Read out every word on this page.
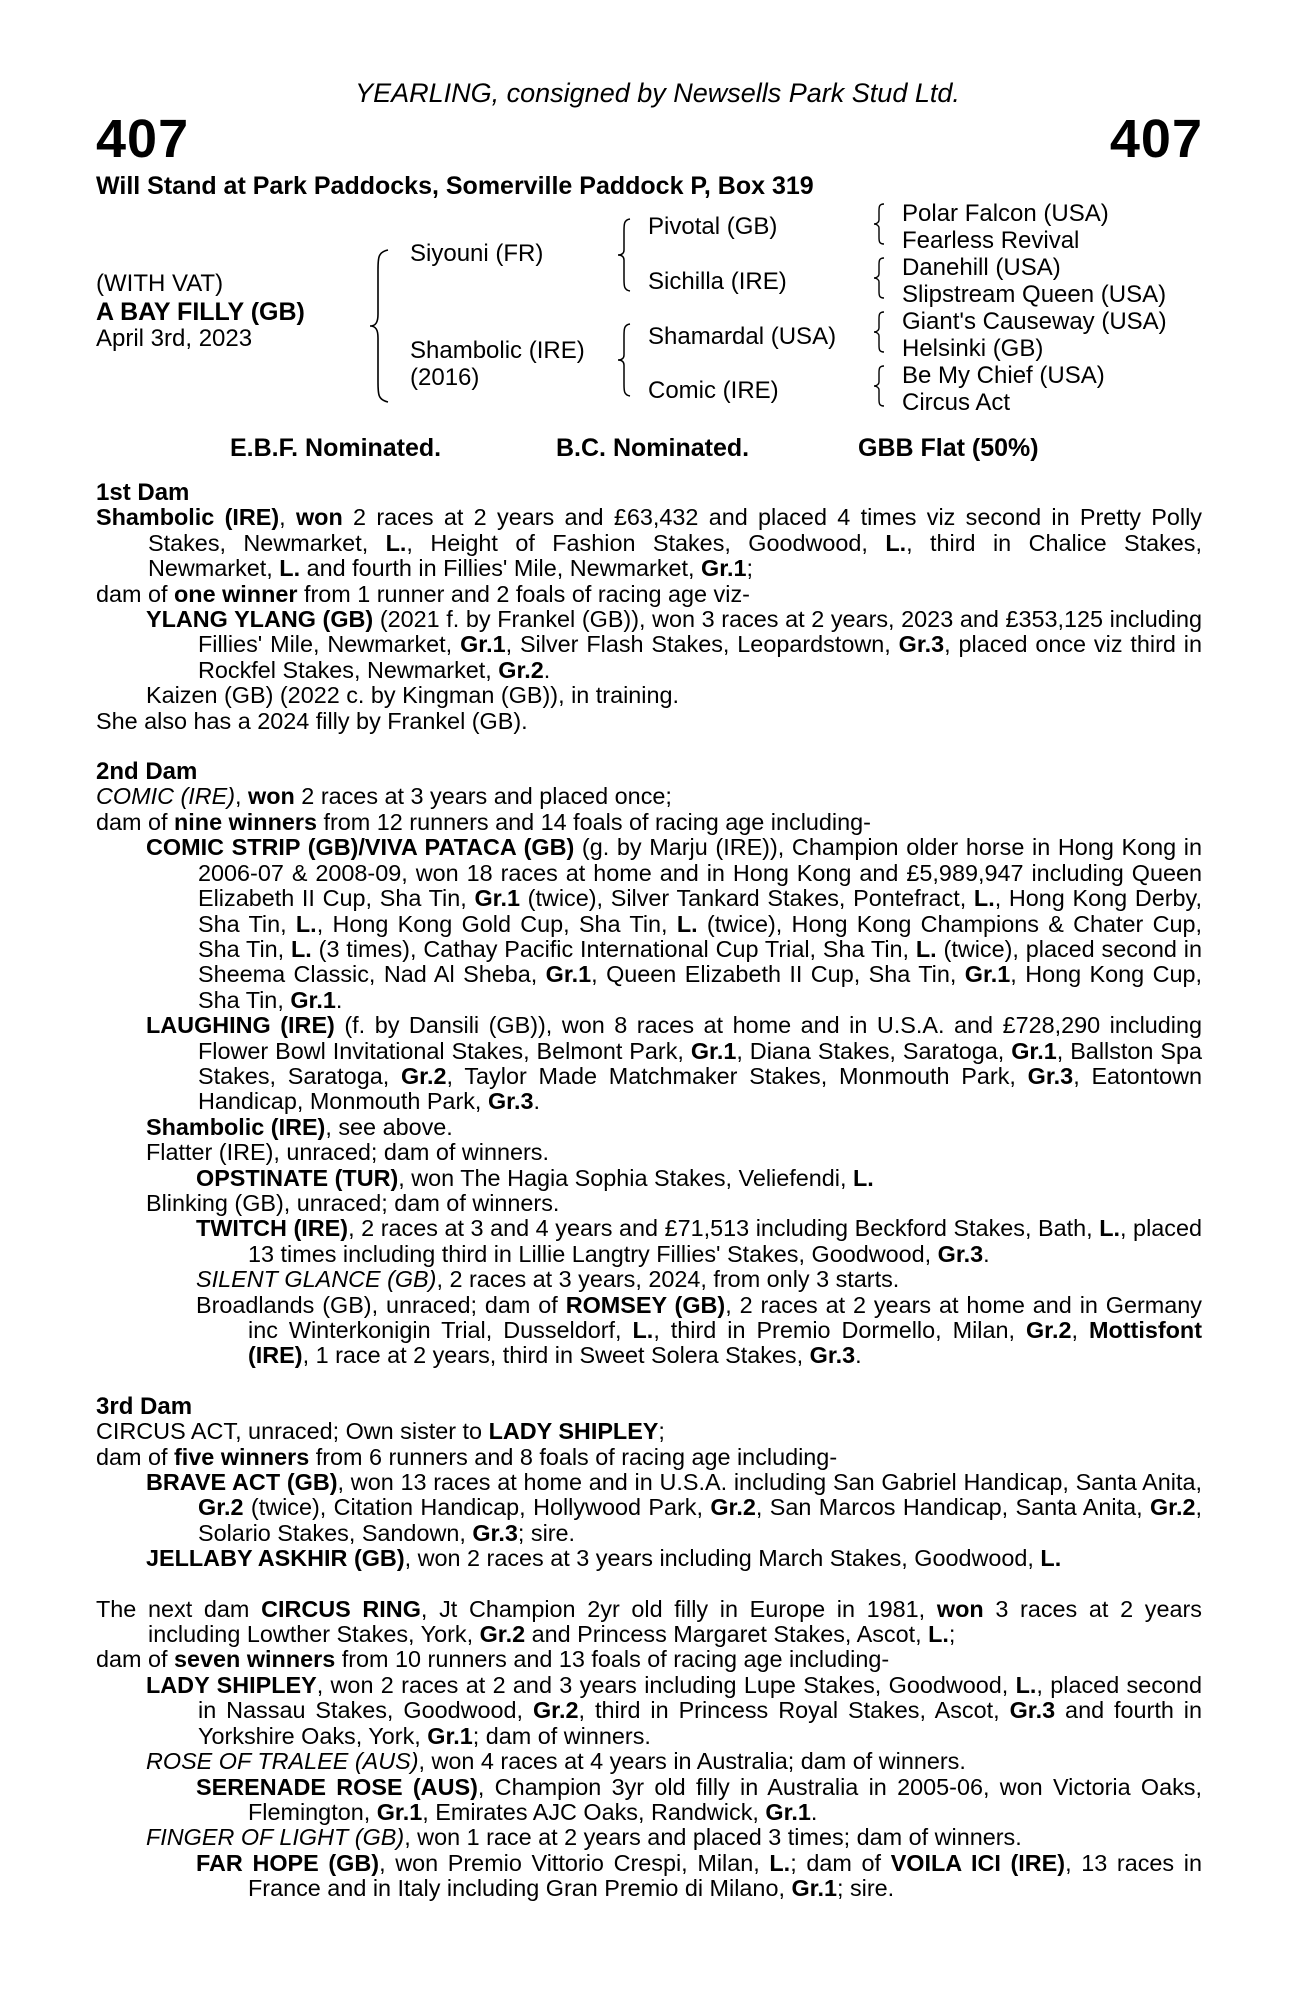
YEARLING, consigned by Newsells Park Stud Ltd.
407	407
Will Stand at Park Paddocks, Somerville Paddock P, Box 319
(WITH VAT)
A BAY FILLY (GB)
April 3rd, 2023
Siyouni (FR)
Shambolic (IRE)
(2016)
Pivotal (GB)
Sichilla (IRE)
Shamardal (USA)
Comic (IRE)
Polar Falcon (USA)
Fearless Revival
Danehill (USA)
Slipstream Queen (USA)
Giant's Causeway (USA)
Helsinki (GB)
Be My Chief (USA)
Circus Act
E.B.F. Nominated.	B.C. Nominated.	GBB Flat (50%)

1st Dam

Shambolic (IRE), won 2 races at 2 years and £63,432 and placed 4 times viz second in Pretty Polly Stakes, Newmarket, L., Height of Fashion Stakes, Goodwood, L., third in Chalice Stakes, Newmarket, L. and fourth in Fillies' Mile, Newmarket, Gr.1;

dam of one winner from 1 runner and 2 foals of racing age viz-

YLANG YLANG (GB) (2021 f. by Frankel (GB)), won 3 races at 2 years, 2023 and £353,125 including Fillies' Mile, Newmarket, Gr.1, Silver Flash Stakes, Leopardstown, Gr.3, placed once viz third in Rockfel Stakes, Newmarket, Gr.2.

Kaizen (GB) (2022 c. by Kingman (GB)), in training.

She also has a 2024 filly by Frankel (GB).

2nd Dam

COMIC (IRE), won 2 races at 3 years and placed once;

dam of nine winners from 12 runners and 14 foals of racing age including-

COMIC STRIP (GB)/VIVA PATACA (GB) (g. by Marju (IRE)), Champion older horse in Hong Kong in 2006-07 & 2008-09, won 18 races at home and in Hong Kong and £5,989,947 including Queen Elizabeth II Cup, Sha Tin, Gr.1 (twice), Silver Tankard Stakes, Pontefract, L., Hong Kong Derby, Sha Tin, L., Hong Kong Gold Cup, Sha Tin, L. (twice), Hong Kong Champions & Chater Cup, Sha Tin, L. (3 times), Cathay Pacific International Cup Trial, Sha Tin, L. (twice), placed second in Sheema Classic, Nad Al Sheba, Gr.1, Queen Elizabeth II Cup, Sha Tin, Gr.1, Hong Kong Cup, Sha Tin, Gr.1.

LAUGHING (IRE) (f. by Dansili (GB)), won 8 races at home and in U.S.A. and £728,290 including Flower Bowl Invitational Stakes, Belmont Park, Gr.1, Diana Stakes, Saratoga, Gr.1, Ballston Spa Stakes, Saratoga, Gr.2, Taylor Made Matchmaker Stakes, Monmouth Park, Gr.3, Eatontown Handicap, Monmouth Park, Gr.3.

Shambolic (IRE), see above.

Flatter (IRE), unraced; dam of winners.

OPSTINATE (TUR), won The Hagia Sophia Stakes, Veliefendi, L.

Blinking (GB), unraced; dam of winners.

TWITCH (IRE), 2 races at 3 and 4 years and £71,513 including Beckford Stakes, Bath, L., placed 13 times including third in Lillie Langtry Fillies' Stakes, Goodwood, Gr.3.

SILENT GLANCE (GB), 2 races at 3 years, 2024, from only 3 starts.

Broadlands (GB), unraced; dam of ROMSEY (GB), 2 races at 2 years at home and in Germany inc Winterkonigin Trial, Dusseldorf, L., third in Premio Dormello, Milan, Gr.2, Mottisfont (IRE), 1 race at 2 years, third in Sweet Solera Stakes, Gr.3.

3rd Dam

CIRCUS ACT, unraced; Own sister to LADY SHIPLEY;

dam of five winners from 6 runners and 8 foals of racing age including-

BRAVE ACT (GB), won 13 races at home and in U.S.A. including San Gabriel Handicap, Santa Anita, Gr.2 (twice), Citation Handicap, Hollywood Park, Gr.2, San Marcos Handicap, Santa Anita, Gr.2, Solario Stakes, Sandown, Gr.3; sire.

JELLABY ASKHIR (GB), won 2 races at 3 years including March Stakes, Goodwood, L.

The next dam CIRCUS RING, Jt Champion 2yr old filly in Europe in 1981, won 3 races at 2 years including Lowther Stakes, York, Gr.2 and Princess Margaret Stakes, Ascot, L.;

dam of seven winners from 10 runners and 13 foals of racing age including-

LADY SHIPLEY, won 2 races at 2 and 3 years including Lupe Stakes, Goodwood, L., placed second in Nassau Stakes, Goodwood, Gr.2, third in Princess Royal Stakes, Ascot, Gr.3 and fourth in Yorkshire Oaks, York, Gr.1; dam of winners.

ROSE OF TRALEE (AUS), won 4 races at 4 years in Australia; dam of winners.

SERENADE ROSE (AUS), Champion 3yr old filly in Australia in 2005-06, won Victoria Oaks, Flemington, Gr.1, Emirates AJC Oaks, Randwick, Gr.1.

FINGER OF LIGHT (GB), won 1 race at 2 years and placed 3 times; dam of winners.

FAR HOPE (GB), won Premio Vittorio Crespi, Milan, L.; dam of VOILA ICI (IRE), 13 races in France and in Italy including Gran Premio di Milano, Gr.1; sire.
